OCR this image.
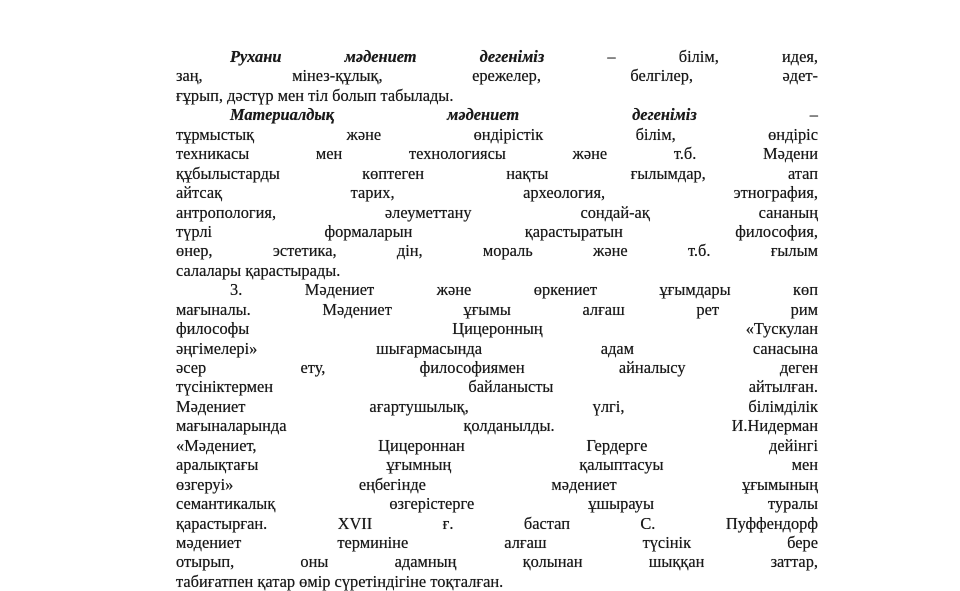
Рухани мәдениет дегеніміз – білім, идея,
заң, мінез-құлық, ережелер, белгілер, әдет-
ғұрып, дәстүр мен тіл болып табылады.
Материалдық мәдениет дегеніміз –
тұрмыстық және өндірістік білім, өндіріс
техникасы мен технологиясы және т.б. Мәдени
құбылыстарды көптеген нақты ғылымдар, атап
айтсақ тарих, археология, этнография,
антропология, әлеуметтану сондай-ақ сананың
түрлі формаларын қарастыратын философия,
өнер, эстетика, дін, мораль және т.б. ғылым
салалары қарастырады.
3. Мәдениет және өркениет ұғымдары көп
мағыналы. Мәдениет ұғымы алғаш рет рим
философы Цицеронның «Тускулан
әңгімелері» шығармасында адам санасына
әсер ету, философиямен айналысу деген
түсініктермен байланысты айтылған.
Мәдениет ағартушылық, үлгі, білімділік
мағыналарында қолданылды. И.Нидерман
«Мәдениет, Цицероннан Гердерге дейінгі
аралықтағы ұғымның қалыптасуы мен
өзгеруі» еңбегінде мәдениет ұғымының
семантикалық өзгерістерге ұшырауы туралы
қарастырған. XVII ғ. бастап С. Пуффендорф
мәдениет терминіне алғаш түсінік бере
отырып, оны адамның қолынан шыққан заттар,
табиғатпен қатар өмір сүретіндігіне тоқталған.
